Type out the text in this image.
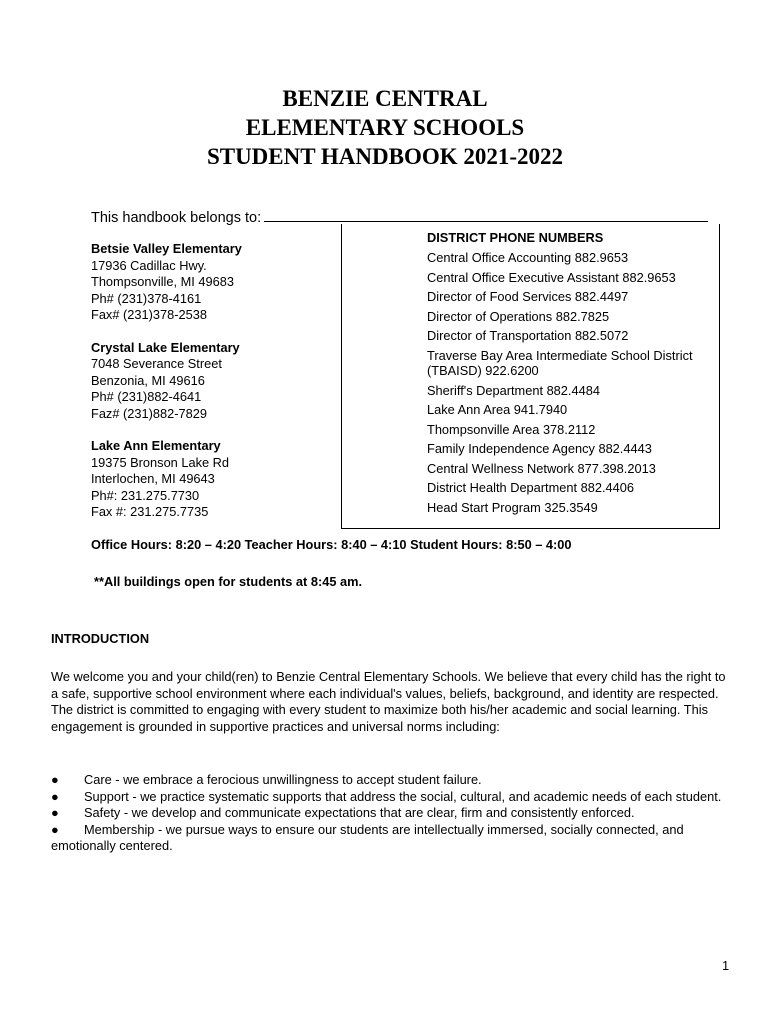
BENZIE CENTRAL
ELEMENTARY SCHOOLS
STUDENT HANDBOOK 2021-2022
This handbook belongs to:
Betsie Valley Elementary
17936 Cadillac Hwy.
Thompsonville, MI 49683
Ph# (231)378-4161
Fax# (231)378-2538
Crystal Lake Elementary
7048 Severance Street
Benzonia, MI 49616
Ph# (231)882-4641
Faz# (231)882-7829
Lake Ann Elementary
19375 Bronson Lake Rd
Interlochen, MI 49643
Ph#: 231.275.7730
Fax #: 231.275.7735
DISTRICT PHONE NUMBERS
Central Office Accounting 882.9653
Central Office Executive Assistant 882.9653
Director of Food Services 882.4497
Director of Operations 882.7825
Director of Transportation 882.5072
Traverse Bay Area Intermediate School District (TBAISD) 922.6200
Sheriff's Department 882.4484
Lake Ann Area 941.7940
Thompsonville Area 378.2112
Family Independence Agency 882.4443
Central Wellness Network 877.398.2013
District Health Department 882.4406
Head Start Program 325.3549
Office Hours: 8:20 – 4:20 Teacher Hours: 8:40 – 4:10 Student Hours: 8:50 – 4:00
**All buildings open for students at 8:45 am.
INTRODUCTION
We welcome you and your child(ren) to Benzie Central Elementary Schools. We believe that every child has the right to a safe, supportive school environment where each individual's values, beliefs, background, and identity are respected. The district is committed to engaging with every student to maximize both his/her academic and social learning. This engagement is grounded in supportive practices and universal norms including:
● Care - we embrace a ferocious unwillingness to accept student failure.
● Support - we practice systematic supports that address the social, cultural, and academic needs of each student.
● Safety - we develop and communicate expectations that are clear, firm and consistently enforced.
● Membership - we pursue ways to ensure our students are intellectually immersed, socially connected, and emotionally centered.
1
